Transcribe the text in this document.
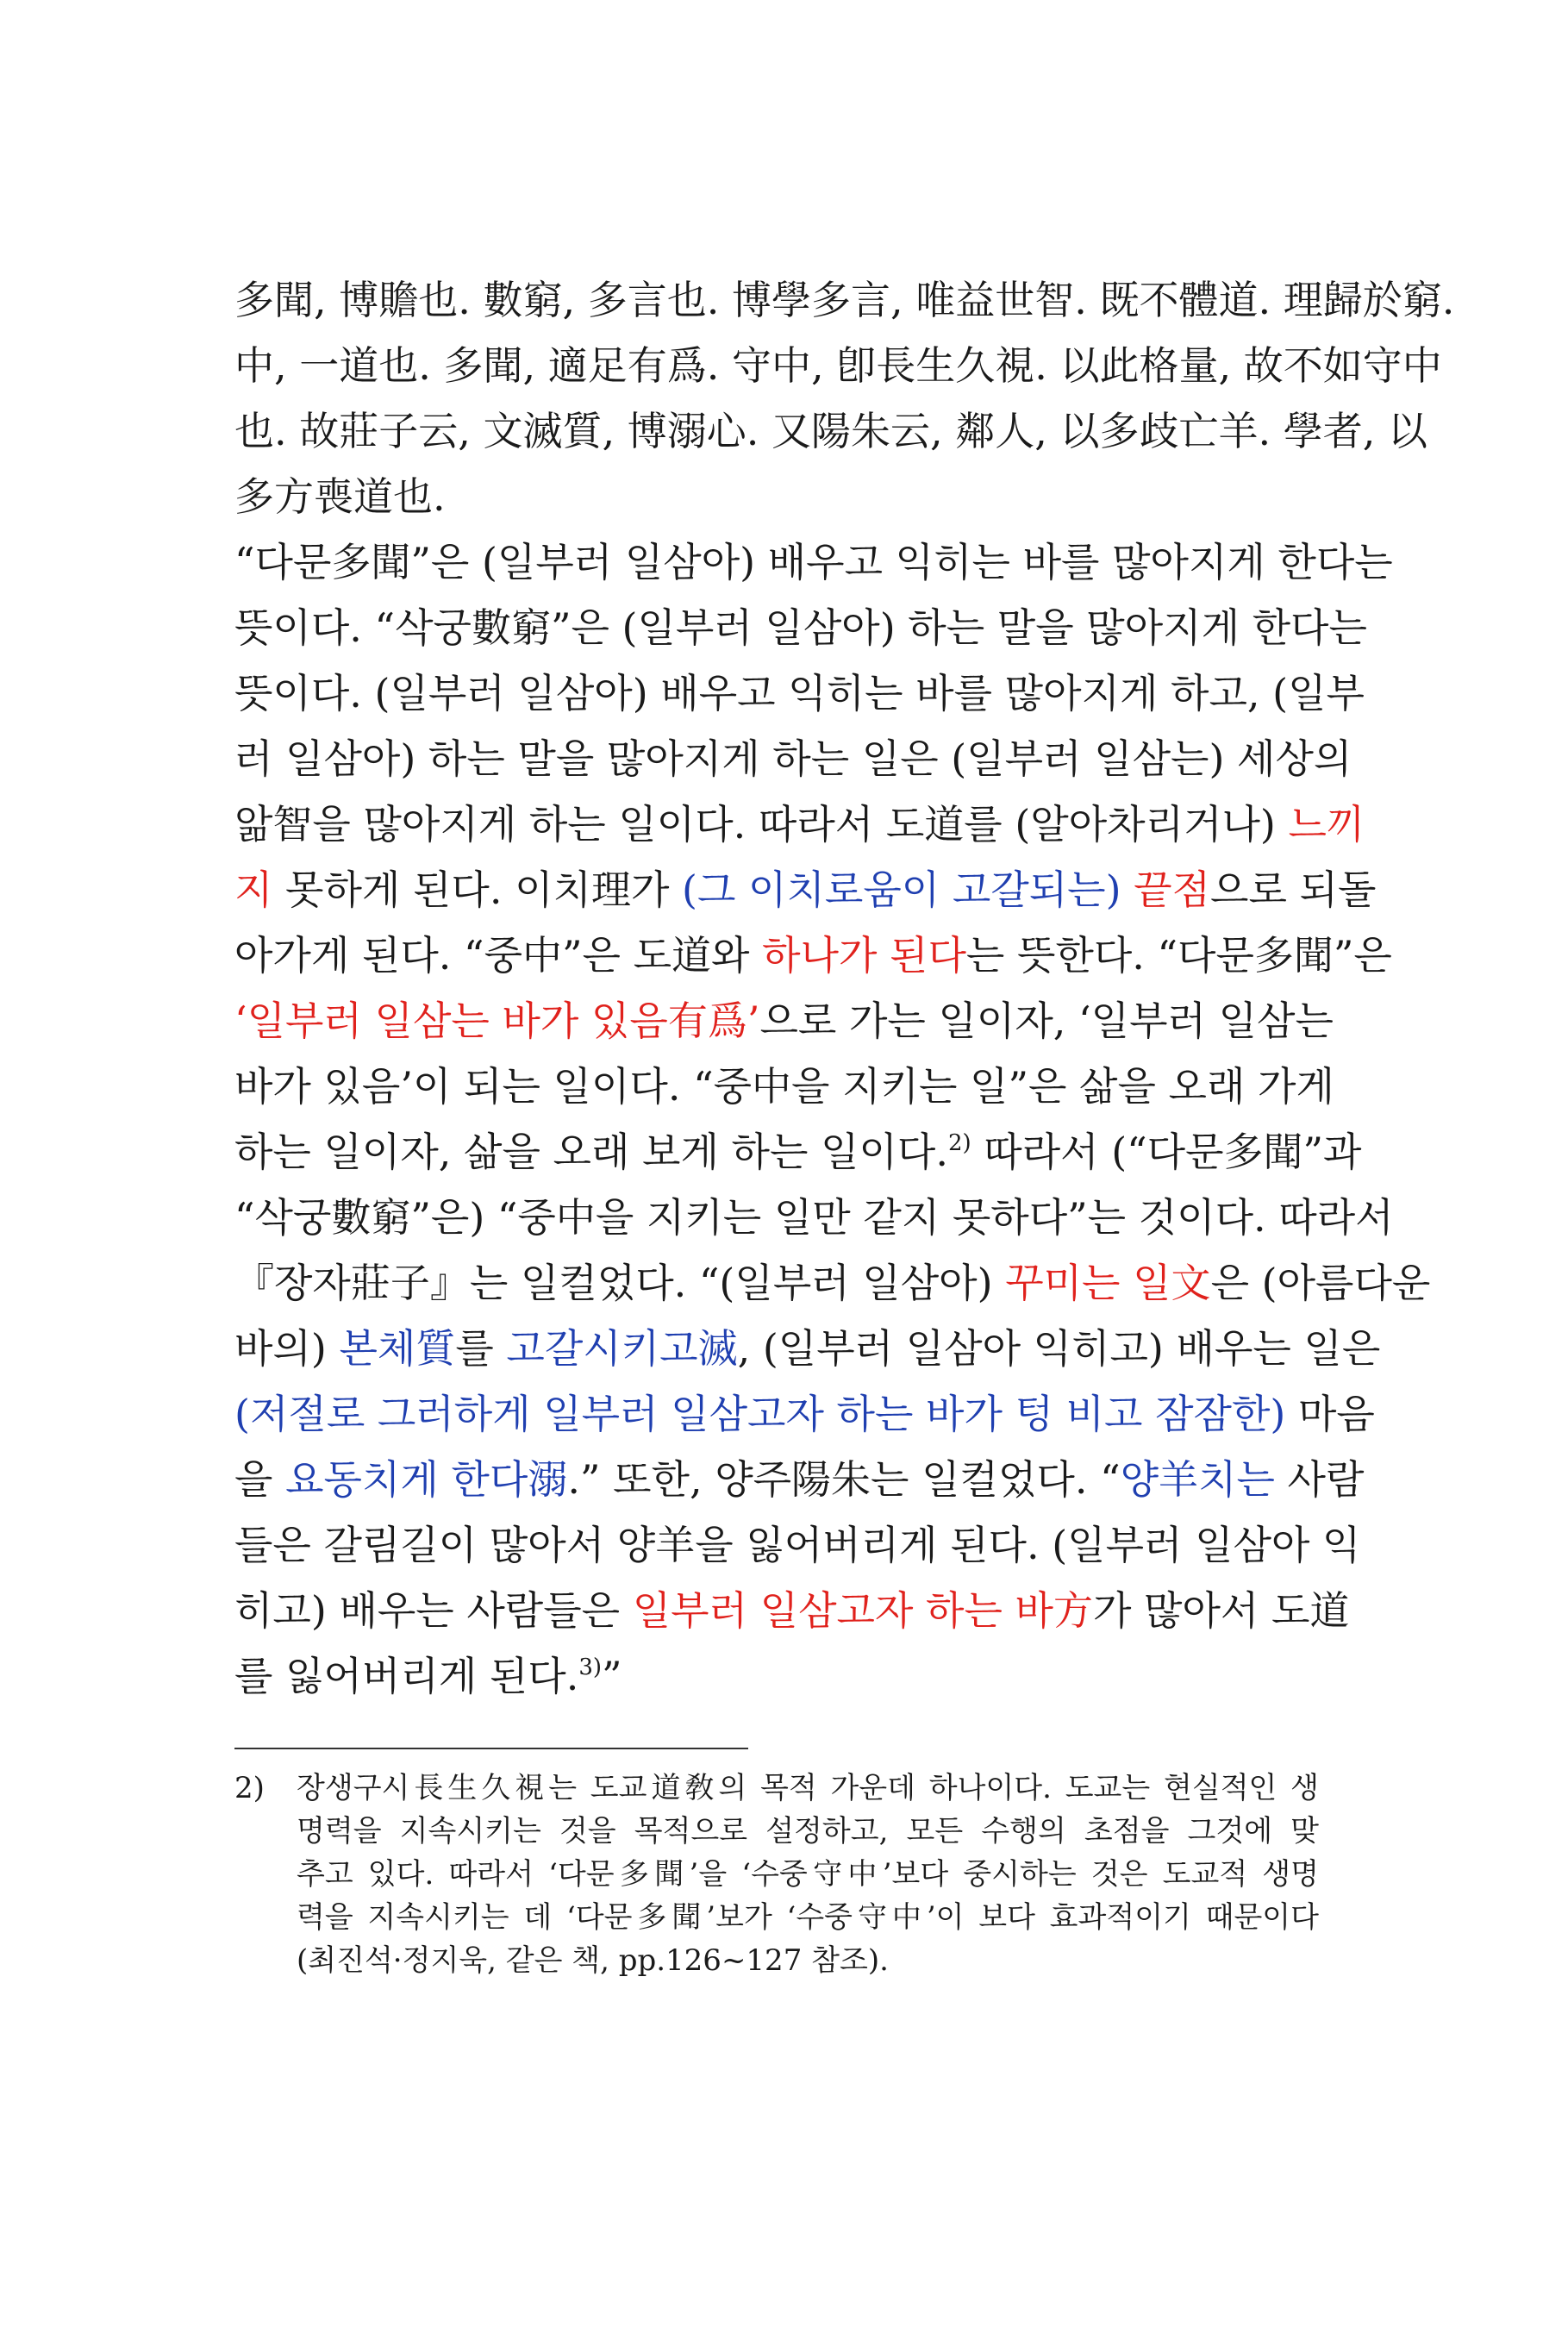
多聞, 博贍也. 數窮, 多言也. 博學多言, 唯益世智. 既不體道. 理歸於窮.
中, 一道也. 多聞, 適足有爲. 守中, 卽長生久視. 以此格量, 故不如守中
也. 故莊子云, 文滅質, 博溺心. 又陽朱云, 鄰人, 以多歧亡羊. 學者, 以
多方喪道也.
“다문多聞”은 (일부러 일삼아) 배우고 익히는 바를 많아지게 한다는
뜻이다. “삭궁數窮”은 (일부러 일삼아) 하는 말을 많아지게 한다는
뜻이다. (일부러 일삼아) 배우고 익히는 바를 많아지게 하고, (일부
러 일삼아) 하는 말을 많아지게 하는 일은 (일부러 일삼는) 세상의
앎智을 많아지게 하는 일이다. 따라서 도道를 (알아차리거나) 느끼
지 못하게 된다. 이치理가 (그 이치로움이 고갈되는) 끝점으로 되돌
아가게 된다. “중中”은 도道와 하나가 된다는 뜻한다. “다문多聞”은
‘일부러 일삼는 바가 있음有爲’으로 가는 일이자, ‘일부러 일삼는
바가 있음’이 되는 일이다. “중中을 지키는 일”은 삶을 오래 가게
하는 일이자, 삶을 오래 보게 하는 일이다.$^{2)}$ 따라서 (“다문多聞”과
“삭궁數窮”은) “중中을 지키는 일만 같지 못하다”는 것이다. 따라서
『장자莊子』는 일컬었다. “(일부러 일삼아) 꾸미는 일文은 (아름다운
바의) 본체質를 고갈시키고滅, (일부러 일삼아 익히고) 배우는 일은
(저절로 그러하게 일부러 일삼고자 하는 바가 텅 비고 잠잠한) 마음
을 요동치게 한다溺.” 또한, 양주陽朱는 일컬었다. “양羊치는 사람
들은 갈림길이 많아서 양羊을 잃어버리게 된다. (일부러 일삼아 익
히고) 배우는 사람들은 일부러 일삼고자 하는 바方가 많아서 도道
를 잃어버리게 된다.$^{3)}$”
2) 장생구시長生久視는 도교道敎의 목적 가운데 하나이다. 도교는 현실적인 생
명력을 지속시키는 것을 목적으로 설정하고, 모든 수행의 초점을 그것에 맞
추고 있다. 따라서 ‘다문多聞’을 ‘수중守中’보다 중시하는 것은 도교적 생명
력을 지속시키는 데 ‘다문多聞’보가 ‘수중守中’이 보다 효과적이기 때문이다
(최진석·정지욱, 같은 책, pp.126~127 참조).
